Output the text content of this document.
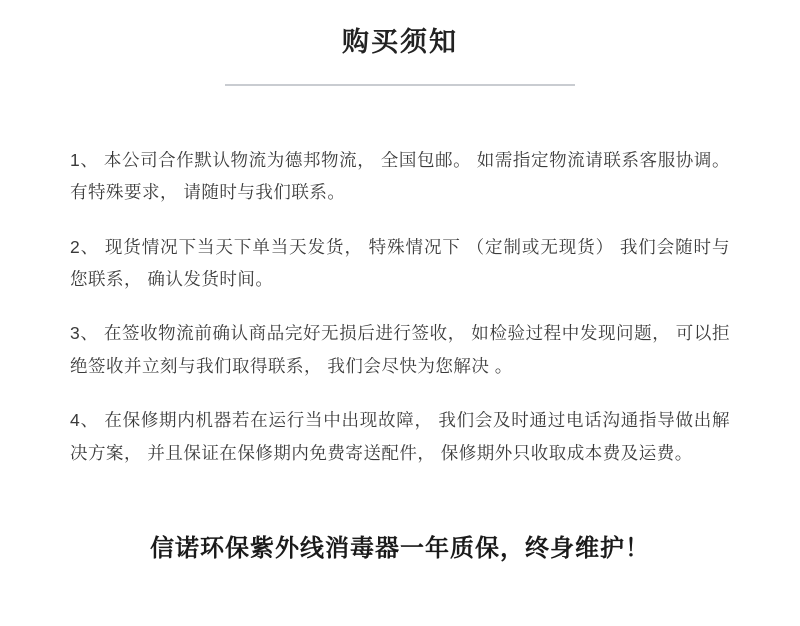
购买须知

1、 本公司合作默认物流为德邦物流， 全国包邮。 如需指定物流请联系客服协调。 有特殊要求， 请随时与我们联系。

2、 现货情况下当天下单当天发货， 特殊情况下 （定制或无现货） 我们会随时与您联系， 确认发货时间。

3、 在签收物流前确认商品完好无损后进行签收， 如检验过程中发现问题， 可以拒绝签收并立刻与我们取得联系， 我们会尽快为您解决 。

4、 在保修期内机器若在运行当中出现故障， 我们会及时通过电话沟通指导做出解决方案， 并且保证在保修期内免费寄送配件， 保修期外只收取成本费及运费。

信诺环保紫外线消毒器一年质保，终身维护！
